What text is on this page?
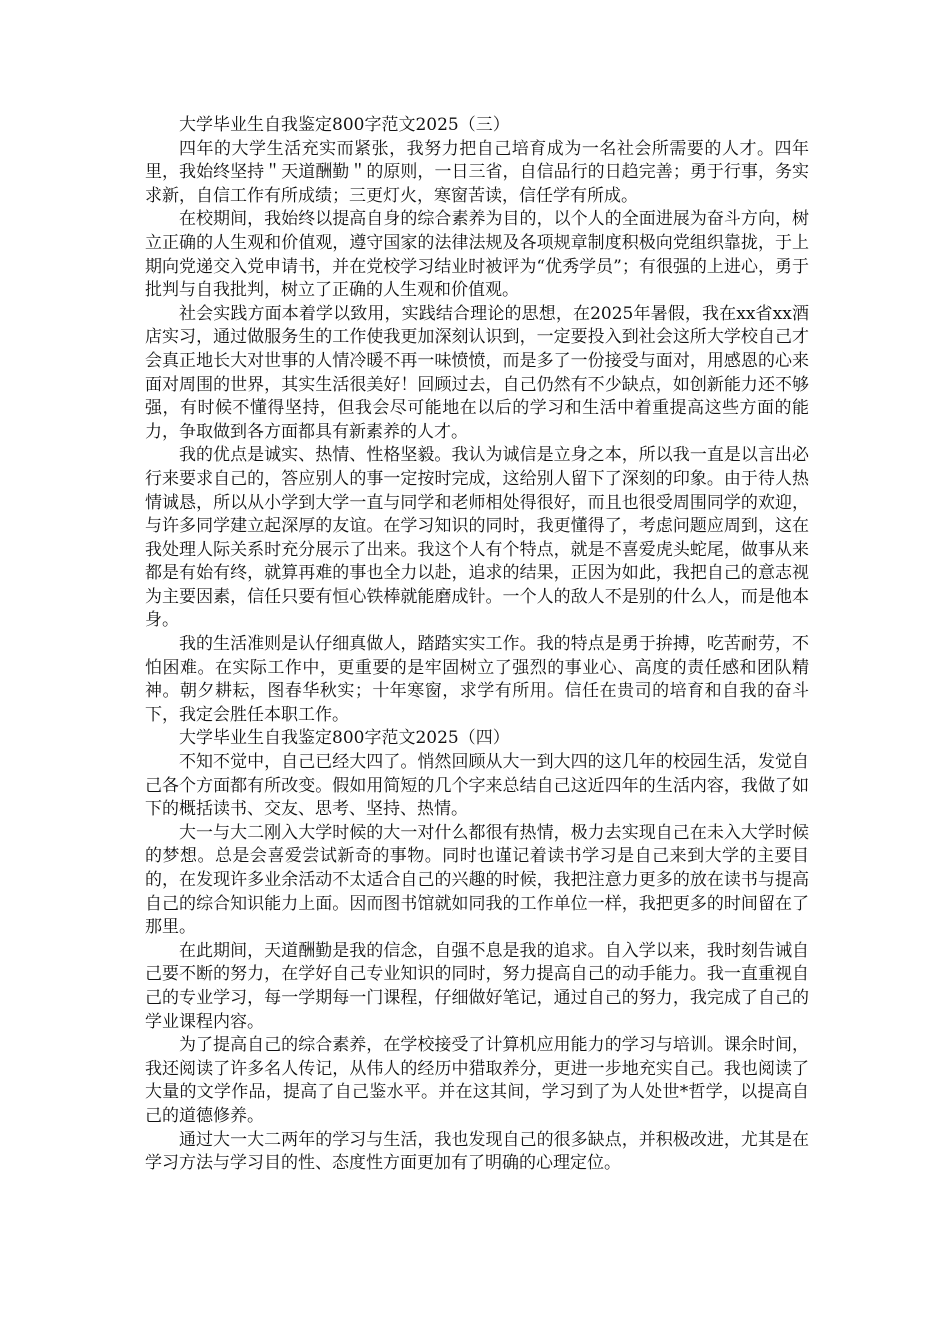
大学毕业生自我鉴定800字范文2025（三）

四年的大学生活充实而紧张，我努力把自己培育成为一名社会所需要的人才。四年里，我始终坚持＂天道酬勤＂的原则，一日三省，自信品行的日趋完善；勇于行事，务实求新，自信工作有所成绩；三更灯火，寒窗苦读，信任学有所成。

在校期间，我始终以提高自身的综合素养为目的，以个人的全面进展为奋斗方向，树立正确的人生观和价值观，遵守国家的法律法规及各项规章制度积极向党组织靠拢，于上期向党递交入党申请书，并在党校学习结业时被评为“优秀学员”；有很强的上进心，勇于批判与自我批判，树立了正确的人生观和价值观。

社会实践方面本着学以致用，实践结合理论的思想，在2025年暑假，我在xx省xx酒店实习，通过做服务生的工作使我更加深刻认识到，一定要投入到社会这所大学校自己才会真正地长大对世事的人情冷暖不再一味愤愤，而是多了一份接受与面对，用感恩的心来面对周围的世界，其实生活很美好！回顾过去，自己仍然有不少缺点，如创新能力还不够强，有时候不懂得坚持，但我会尽可能地在以后的学习和生活中着重提高这些方面的能力，争取做到各方面都具有新素养的人才。

我的优点是诚实、热情、性格坚毅。我认为诚信是立身之本，所以我一直是以言出必行来要求自己的，答应别人的事一定按时完成，这给别人留下了深刻的印象。由于待人热情诚恳，所以从小学到大学一直与同学和老师相处得很好，而且也很受周围同学的欢迎，与许多同学建立起深厚的友谊。在学习知识的同时，我更懂得了，考虑问题应周到，这在我处理人际关系时充分展示了出来。我这个人有个特点，就是不喜爱虎头蛇尾，做事从来都是有始有终，就算再难的事也全力以赴，追求的结果，正因为如此，我把自己的意志视为主要因素，信任只要有恒心铁棒就能磨成针。一个人的敌人不是别的什么人，而是他本身。

我的生活准则是认仔细真做人，踏踏实实工作。我的特点是勇于拚搏，吃苦耐劳，不怕困难。在实际工作中，更重要的是牢固树立了强烈的事业心、高度的责任感和团队精神。朝夕耕耘，图春华秋实；十年寒窗，求学有所用。信任在贵司的培育和自我的奋斗下，我定会胜任本职工作。

大学毕业生自我鉴定800字范文2025（四）

不知不觉中，自己已经大四了。悄然回顾从大一到大四的这几年的校园生活，发觉自己各个方面都有所改变。假如用简短的几个字来总结自己这近四年的生活内容，我做了如下的概括读书、交友、思考、坚持、热情。

大一与大二刚入大学时候的大一对什么都很有热情，极力去实现自己在未入大学时候的梦想。总是会喜爱尝试新奇的事物。同时也谨记着读书学习是自己来到大学的主要目的，在发现许多业余活动不太适合自己的兴趣的时候，我把注意力更多的放在读书与提高自己的综合知识能力上面。因而图书馆就如同我的工作单位一样，我把更多的时间留在了那里。

在此期间，天道酬勤是我的信念，自强不息是我的追求。自入学以来，我时刻告诫自己要不断的努力，在学好自己专业知识的同时，努力提高自己的动手能力。我一直重视自己的专业学习，每一学期每一门课程，仔细做好笔记，通过自己的努力，我完成了自己的学业课程内容。

为了提高自己的综合素养，在学校接受了计算机应用能力的学习与培训。课余时间，我还阅读了许多名人传记，从伟人的经历中猎取养分，更进一步地充实自己。我也阅读了大量的文学作品，提高了自己鉴水平。并在这其间，学习到了为人处世*哲学，以提高自己的道德修养。

通过大一大二两年的学习与生活，我也发现自己的很多缺点，并积极改进，尤其是在学习方法与学习目的性、态度性方面更加有了明确的心理定位。
